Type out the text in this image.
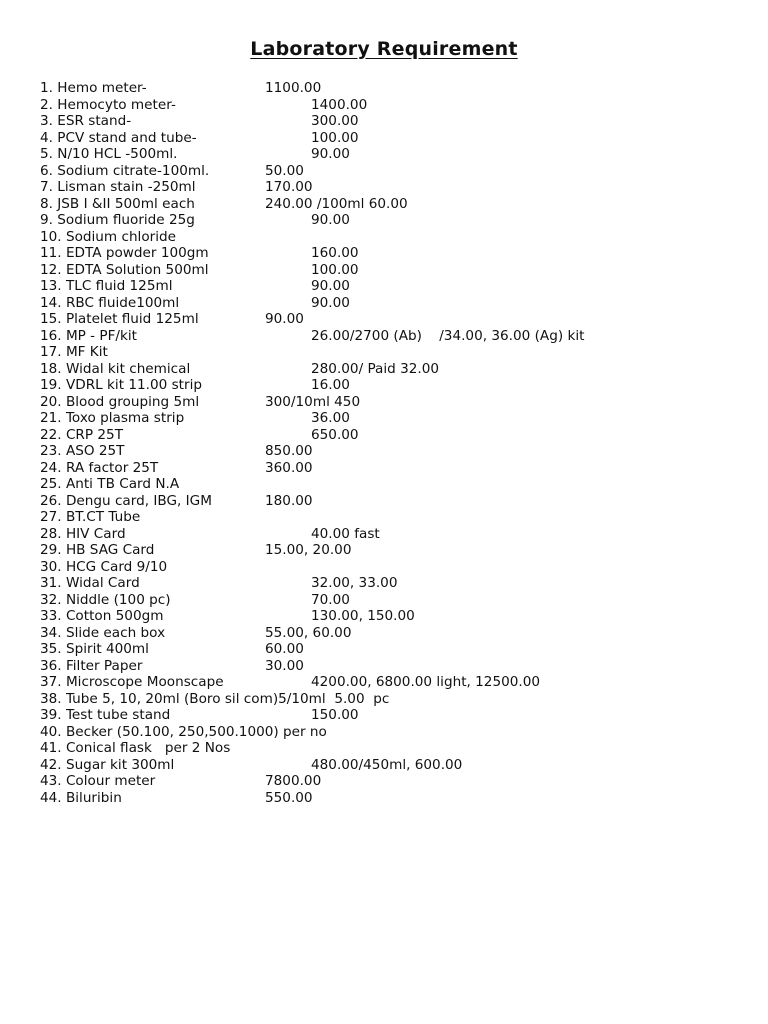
Laboratory Requirement
1. Hemo meter-	1100.00
2. Hemocyto meter-	1400.00
3. ESR stand-	300.00
4. PCV stand and tube-	100.00
5. N/10 HCL -500ml.	90.00
6. Sodium citrate-100ml.	50.00
7. Lisman stain -250ml	170.00
8. JSB I &II 500ml each	240.00 /100ml 60.00
9. Sodium fluoride 25g	90.00
10. Sodium chloride
11. EDTA powder 100gm	160.00
12. EDTA Solution 500ml	100.00
13. TLC fluid 125ml	90.00
14. RBC fluide100ml	90.00
15. Platelet fluid 125ml	90.00
16. MP - PF/kit	26.00/2700 (Ab)    /34.00, 36.00 (Ag) kit
17. MF Kit
18. Widal kit chemical	280.00/ Paid 32.00
19. VDRL kit 11.00 strip	16.00
20. Blood grouping 5ml	300/10ml 450
21. Toxo plasma strip	36.00
22. CRP 25T	650.00
23. ASO 25T	850.00
24. RA factor 25T	360.00
25. Anti TB Card N.A
26. Dengu card, IBG, IGM	180.00
27. BT.CT Tube
28. HIV Card	40.00 fast
29. HB SAG Card	15.00, 20.00
30. HCG Card 9/10
31. Widal Card	32.00, 33.00
32. Niddle (100 pc)	70.00
33. Cotton 500gm	130.00, 150.00
34. Slide each box	55.00, 60.00
35. Spirit 400ml	60.00
36. Filter Paper	30.00
37. Microscope Moonscape	4200.00, 6800.00 light, 12500.00
38. Tube 5, 10, 20ml (Boro sil com)5/10ml  5.00  pc
39. Test tube stand	150.00
40. Becker (50.100, 250,500.1000) per no
41. Conical flask   per 2 Nos
42. Sugar kit 300ml	480.00/450ml, 600.00
43. Colour meter	7800.00
44. Biluribin	550.00
